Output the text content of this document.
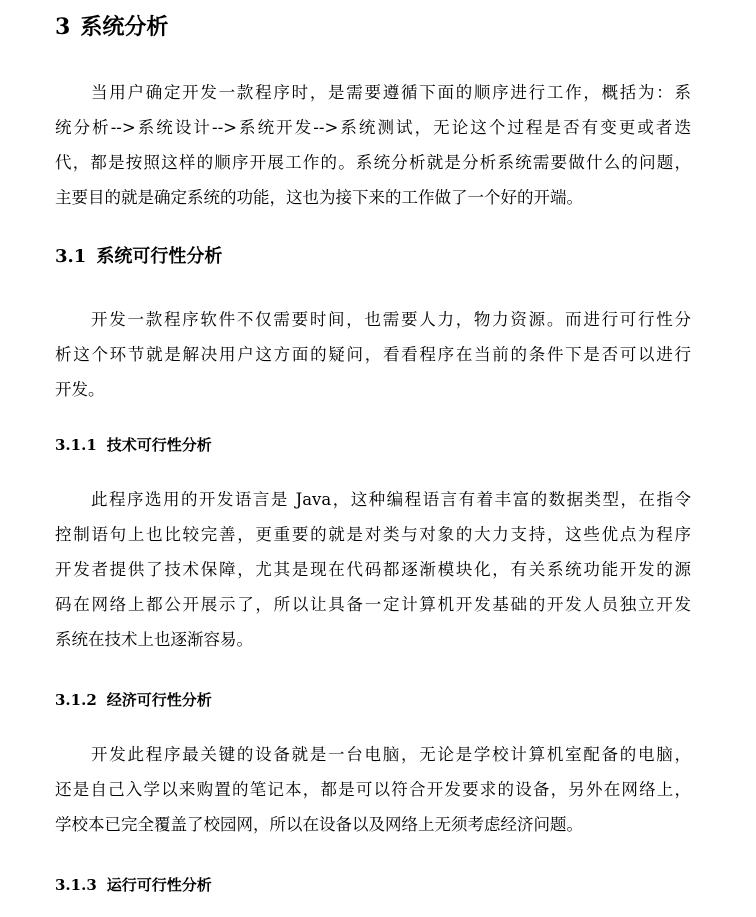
3 系统分析
当用户确定开发一款程序时，是需要遵循下面的顺序进行工作，概括为：系
统分析-->系统设计-->系统开发-->系统测试，无论这个过程是否有变更或者迭
代，都是按照这样的顺序开展工作的。系统分析就是分析系统需要做什么的问题，
主要目的就是确定系统的功能，这也为接下来的工作做了一个好的开端。
3.1 系统可行性分析
开发一款程序软件不仅需要时间，也需要人力，物力资源。而进行可行性分
析这个环节就是解决用户这方面的疑问，看看程序在当前的条件下是否可以进行
开发。
3.1.1 技术可行性分析
此程序选用的开发语言是 Java，这种编程语言有着丰富的数据类型，在指令
控制语句上也比较完善，更重要的就是对类与对象的大力支持，这些优点为程序
开发者提供了技术保障，尤其是现在代码都逐渐模块化，有关系统功能开发的源
码在网络上都公开展示了，所以让具备一定计算机开发基础的开发人员独立开发
系统在技术上也逐渐容易。
3.1.2 经济可行性分析
开发此程序最关键的设备就是一台电脑，无论是学校计算机室配备的电脑，
还是自己入学以来购置的笔记本，都是可以符合开发要求的设备，另外在网络上，
学校本已完全覆盖了校园网，所以在设备以及网络上无须考虑经济问题。
3.1.3 运行可行性分析
